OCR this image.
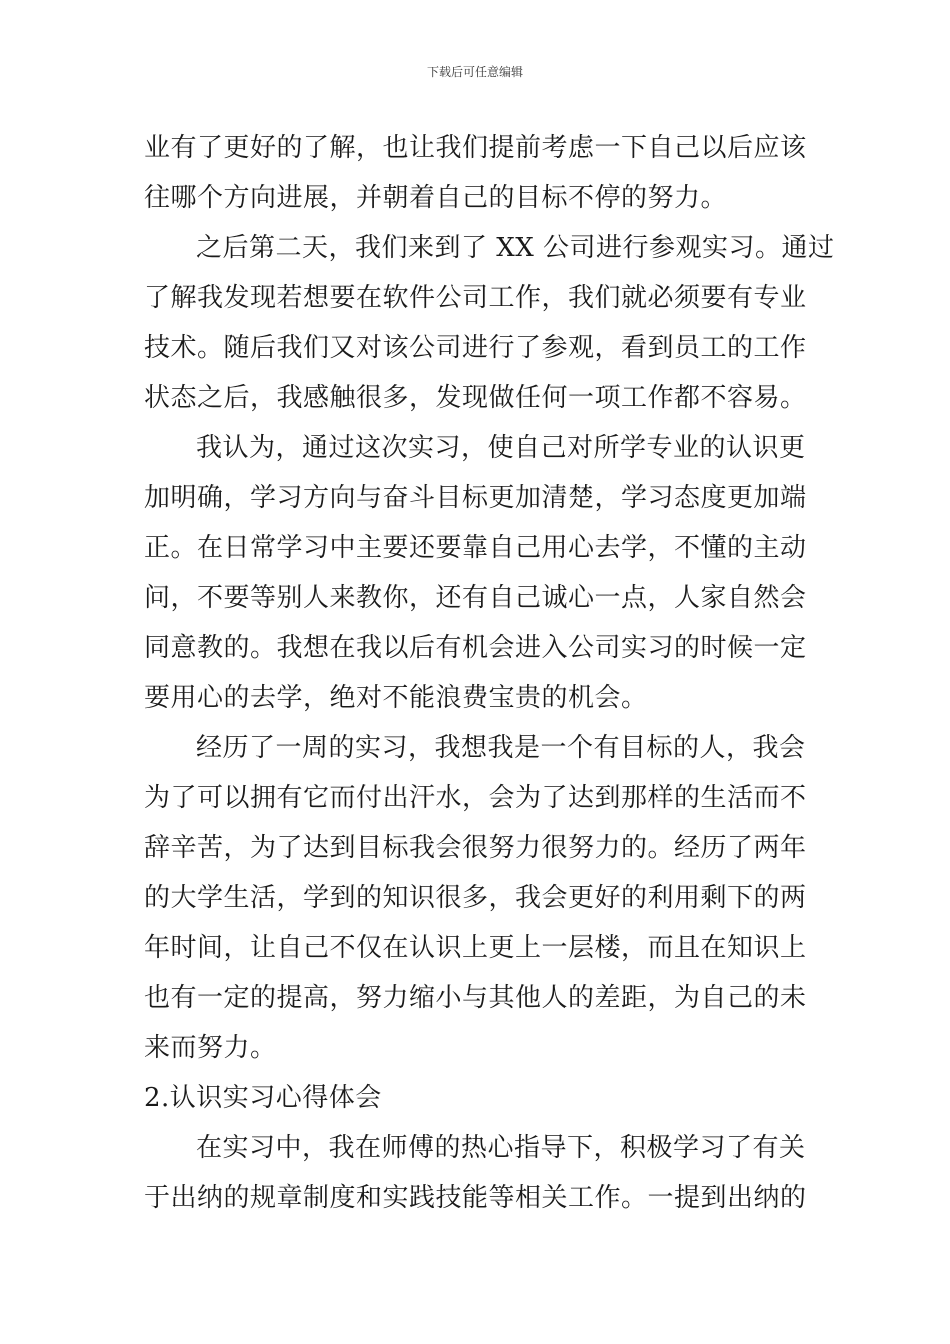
下载后可任意编辑
业有了更好的了解，也让我们提前考虑一下自己以后应该
往哪个方向进展，并朝着自己的目标不停的努力。
之后第二天，我们来到了 XX 公司进行参观实习。通过
了解我发现若想要在软件公司工作，我们就必须要有专业
技术。随后我们又对该公司进行了参观，看到员工的工作
状态之后，我感触很多，发现做任何一项工作都不容易。
我认为，通过这次实习，使自己对所学专业的认识更
加明确，学习方向与奋斗目标更加清楚，学习态度更加端
正。在日常学习中主要还要靠自己用心去学，不懂的主动
问，不要等别人来教你，还有自己诚心一点，人家自然会
同意教的。我想在我以后有机会进入公司实习的时候一定
要用心的去学，绝对不能浪费宝贵的机会。
经历了一周的实习，我想我是一个有目标的人，我会
为了可以拥有它而付出汗水，会为了达到那样的生活而不
辞辛苦，为了达到目标我会很努力很努力的。经历了两年
的大学生活，学到的知识很多，我会更好的利用剩下的两
年时间，让自己不仅在认识上更上一层楼，而且在知识上
也有一定的提高，努力缩小与其他人的差距，为自己的未
来而努力。
2.认识实习心得体会
在实习中，我在师傅的热心指导下，积极学习了有关
于出纳的规章制度和实践技能等相关工作。一提到出纳的
